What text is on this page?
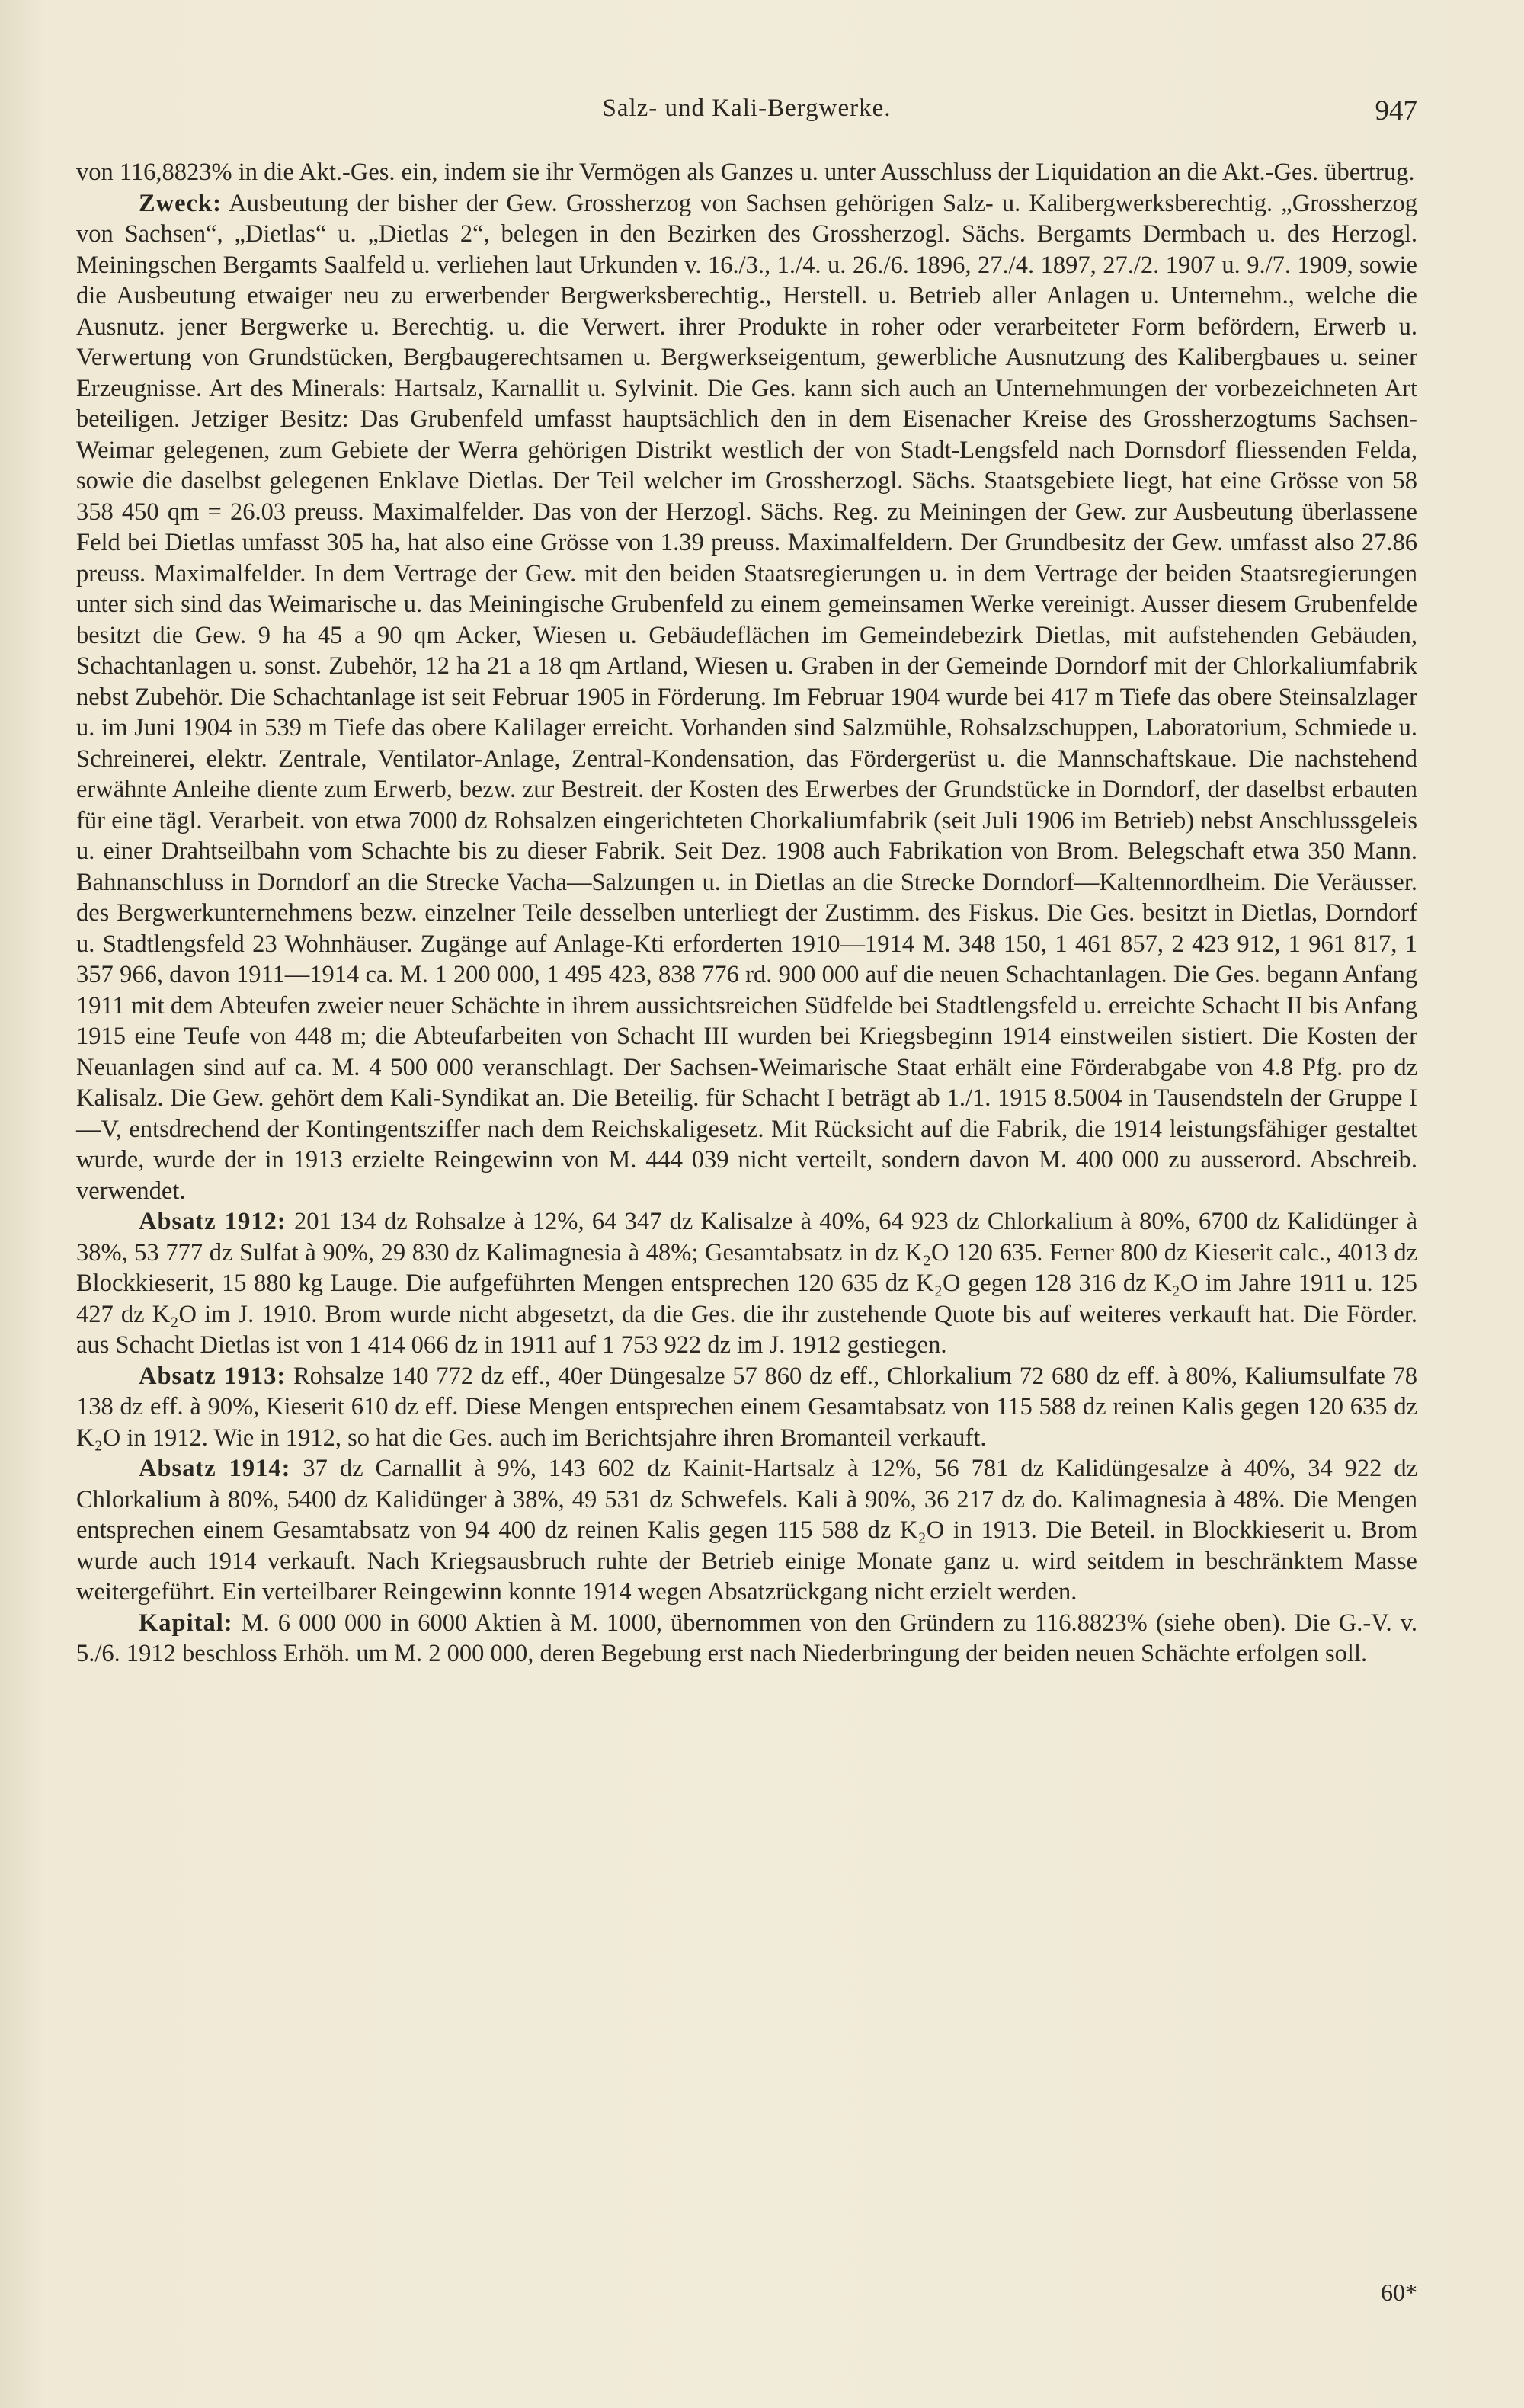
Salz- und Kali-Bergwerke.	947

von 116,8823% in die Akt.-Ges. ein, indem sie ihr Vermögen als Ganzes u. unter Ausschluss der Liquidation an die Akt.-Ges. übertrug.

Zweck: Ausbeutung der bisher der Gew. Grossherzog von Sachsen gehörigen Salz- u. Kalibergwerksberechtig. „Grossherzog von Sachsen“, „Dietlas“ u. „Dietlas 2“, belegen in den Bezirken des Grossherzogl. Sächs. Bergamts Dermbach u. des Herzogl. Meiningschen Bergamts Saalfeld u. verliehen laut Urkunden v. 16./3., 1./4. u. 26./6. 1896, 27./4. 1897, 27./2. 1907 u. 9./7. 1909, sowie die Ausbeutung etwaiger neu zu erwerbender Bergwerksberechtig., Herstell. u. Betrieb aller Anlagen u. Unternehm., welche die Ausnutz. jener Bergwerke u. Berechtig. u. die Verwert. ihrer Produkte in roher oder verarbeiteter Form befördern, Erwerb u. Verwertung von Grundstücken, Bergbaugerechtsamen u. Bergwerkseigentum, gewerbliche Ausnutzung des Kalibergbaues u. seiner Erzeugnisse. Art des Minerals: Hartsalz, Karnallit u. Sylvinit. Die Ges. kann sich auch an Unternehmungen der vorbezeichneten Art beteiligen. Jetziger Besitz: Das Grubenfeld umfasst hauptsächlich den in dem Eisenacher Kreise des Grossherzogtums Sachsen-Weimar gelegenen, zum Gebiete der Werra gehörigen Distrikt westlich der von Stadt-Lengsfeld nach Dornsdorf fliessenden Felda, sowie die daselbst gelegenen Enklave Dietlas. Der Teil welcher im Grossherzogl. Sächs. Staatsgebiete liegt, hat eine Grösse von 58 358 450 qm = 26.03 preuss. Maximalfelder. Das von der Herzogl. Sächs. Reg. zu Meiningen der Gew. zur Ausbeutung überlassene Feld bei Dietlas umfasst 305 ha, hat also eine Grösse von 1.39 preuss. Maximalfeldern. Der Grundbesitz der Gew. umfasst also 27.86 preuss. Maximalfelder. In dem Vertrage der Gew. mit den beiden Staatsregierungen u. in dem Vertrage der beiden Staatsregierungen unter sich sind das Weimarische u. das Meiningische Grubenfeld zu einem gemeinsamen Werke vereinigt. Ausser diesem Grubenfelde besitzt die Gew. 9 ha 45 a 90 qm Acker, Wiesen u. Gebäudeflächen im Gemeindebezirk Dietlas, mit aufstehenden Gebäuden, Schachtanlagen u. sonst. Zubehör, 12 ha 21 a 18 qm Artland, Wiesen u. Graben in der Gemeinde Dorndorf mit der Chlorkaliumfabrik nebst Zubehör. Die Schachtanlage ist seit Februar 1905 in Förderung. Im Februar 1904 wurde bei 417 m Tiefe das obere Steinsalzlager u. im Juni 1904 in 539 m Tiefe das obere Kalilager erreicht. Vorhanden sind Salzmühle, Rohsalzschuppen, Laboratorium, Schmiede u. Schreinerei, elektr. Zentrale, Ventilator-Anlage, Zentral-Kondensation, das Fördergerüst u. die Mannschaftskaue. Die nachstehend erwähnte Anleihe diente zum Erwerb, bezw. zur Bestreit. der Kosten des Erwerbes der Grundstücke in Dorndorf, der daselbst erbauten für eine tägl. Verarbeit. von etwa 7000 dz Rohsalzen eingerichteten Chorkaliumfabrik (seit Juli 1906 im Betrieb) nebst Anschlussgeleis u. einer Drahtseilbahn vom Schachte bis zu dieser Fabrik. Seit Dez. 1908 auch Fabrikation von Brom. Belegschaft etwa 350 Mann. Bahnanschluss in Dorndorf an die Strecke Vacha—Salzungen u. in Dietlas an die Strecke Dorndorf—Kaltennordheim. Die Veräusser. des Bergwerkunternehmens bezw. einzelner Teile desselben unterliegt der Zustimm. des Fiskus. Die Ges. besitzt in Dietlas, Dorndorf u. Stadtlengsfeld 23 Wohnhäuser. Zugänge auf Anlage-Kti erforderten 1910—1914 M. 348 150, 1 461 857, 2 423 912, 1 961 817, 1 357 966, davon 1911—1914 ca. M. 1 200 000, 1 495 423, 838 776 rd. 900 000 auf die neuen Schachtanlagen. Die Ges. begann Anfang 1911 mit dem Abteufen zweier neuer Schächte in ihrem aussichtsreichen Südfelde bei Stadtlengsfeld u. erreichte Schacht II bis Anfang 1915 eine Teufe von 448 m; die Abteufarbeiten von Schacht III wurden bei Kriegsbeginn 1914 einstweilen sistiert. Die Kosten der Neuanlagen sind auf ca. M. 4 500 000 veranschlagt. Der Sachsen-Weimarische Staat erhält eine Förderabgabe von 4.8 Pfg. pro dz Kalisalz. Die Gew. gehört dem Kali-Syndikat an. Die Beteilig. für Schacht I beträgt ab 1./1. 1915 8.5004 in Tausendsteln der Gruppe I—V, entsdrechend der Kontingentsziffer nach dem Reichskaligesetz. Mit Rücksicht auf die Fabrik, die 1914 leistungsfähiger gestaltet wurde, wurde der in 1913 erzielte Reingewinn von M. 444 039 nicht verteilt, sondern davon M. 400 000 zu ausserord. Abschreib. verwendet.

Absatz 1912: 201 134 dz Rohsalze à 12%, 64 347 dz Kalisalze à 40%, 64 923 dz Chlorkalium à 80%, 6700 dz Kalidünger à 38%, 53 777 dz Sulfat à 90%, 29 830 dz Kalimagnesia à 48%; Gesamtabsatz in dz K₂O 120 635. Ferner 800 dz Kieserit calc., 4013 dz Blockkieserit, 15 880 kg Lauge. Die aufgeführten Mengen entsprechen 120 635 dz K₂O gegen 128 316 dz K₂O im Jahre 1911 u. 125 427 dz K₂O im J. 1910. Brom wurde nicht abgesetzt, da die Ges. die ihr zustehende Quote bis auf weiteres verkauft hat. Die Förder. aus Schacht Dietlas ist von 1 414 066 dz in 1911 auf 1 753 922 dz im J. 1912 gestiegen.

Absatz 1913: Rohsalze 140 772 dz eff., 40er Düngesalze 57 860 dz eff., Chlorkalium 72 680 dz eff. à 80%, Kaliumsulfate 78 138 dz eff. à 90%, Kieserit 610 dz eff. Diese Mengen entsprechen einem Gesamtabsatz von 115 588 dz reinen Kalis gegen 120 635 dz K₂O in 1912. Wie in 1912, so hat die Ges. auch im Berichtsjahre ihren Bromanteil verkauft.

Absatz 1914: 37 dz Carnallit à 9%, 143 602 dz Kainit-Hartsalz à 12%, 56 781 dz Kalidüngesalze à 40%, 34 922 dz Chlorkalium à 80%, 5400 dz Kalidünger à 38%, 49 531 dz Schwefels. Kali à 90%, 36 217 dz do. Kalimagnesia à 48%. Die Mengen entsprechen einem Gesamtabsatz von 94 400 dz reinen Kalis gegen 115 588 dz K₂O in 1913. Die Beteil. in Blockkieserit u. Brom wurde auch 1914 verkauft. Nach Kriegsausbruch ruhte der Betrieb einige Monate ganz u. wird seitdem in beschränktem Masse weitergeführt. Ein verteilbarer Reingewinn konnte 1914 wegen Absatzrückgang nicht erzielt werden.

Kapital: M. 6 000 000 in 6000 Aktien à M. 1000, übernommen von den Gründern zu 116.8823% (siehe oben). Die G.-V. v. 5./6. 1912 beschloss Erhöh. um M. 2 000 000, deren Begebung erst nach Niederbringung der beiden neuen Schächte erfolgen soll.

60*
